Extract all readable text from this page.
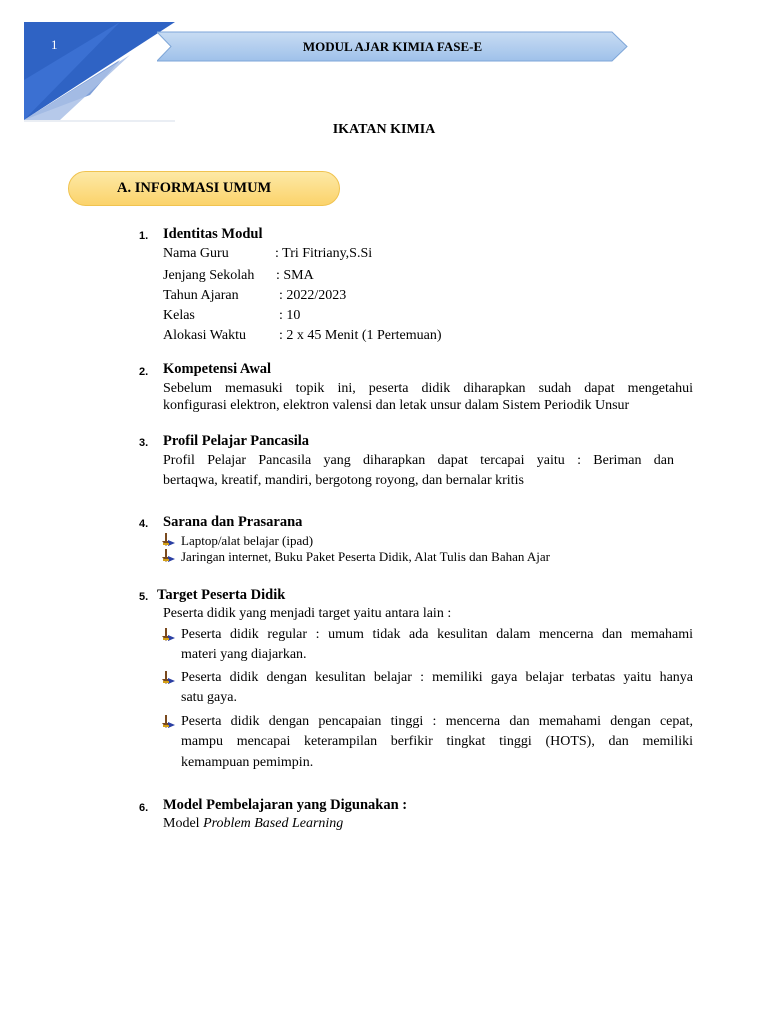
1	MODUL AJAR KIMIA FASE-E
IKATAN KIMIA
A. INFORMASI UMUM
1. Identitas Modul
Nama Guru	: Tri Fitriany,S.Si
Jenjang Sekolah : SMA
Tahun Ajaran	: 2022/2023
Kelas	: 10
Alokasi Waktu : 2 x 45 Menit (1 Pertemuan)
2. Kompetensi Awal
Sebelum memasuki topik ini, peserta didik diharapkan sudah dapat mengetahui
konfigurasi elektron, elektron valensi dan letak unsur dalam Sistem Periodik Unsur
3. Profil Pelajar Pancasila
Profil Pelajar Pancasila yang diharapkan dapat tercapai yaitu : Beriman dan
bertaqwa, kreatif, mandiri, bergotong royong, dan bernalar kritis
4. Sarana dan Prasarana
Laptop/alat belajar (ipad)
Jaringan internet, Buku Paket Peserta Didik, Alat Tulis dan Bahan Ajar
5. Target Peserta Didik
Peserta didik yang menjadi target yaitu antara lain :
Peserta didik regular : umum tidak ada kesulitan dalam mencerna dan memahami
materi yang diajarkan.
Peserta didik dengan kesulitan belajar : memiliki gaya belajar terbatas yaitu hanya
satu gaya.
Peserta didik dengan pencapaian tinggi : mencerna dan memahami dengan cepat,
mampu mencapai keterampilan berfikir tingkat tinggi (HOTS), dan memiliki
kemampuan pemimpin.
6. Model Pembelajaran yang Digunakan :
Model Problem Based Learning
